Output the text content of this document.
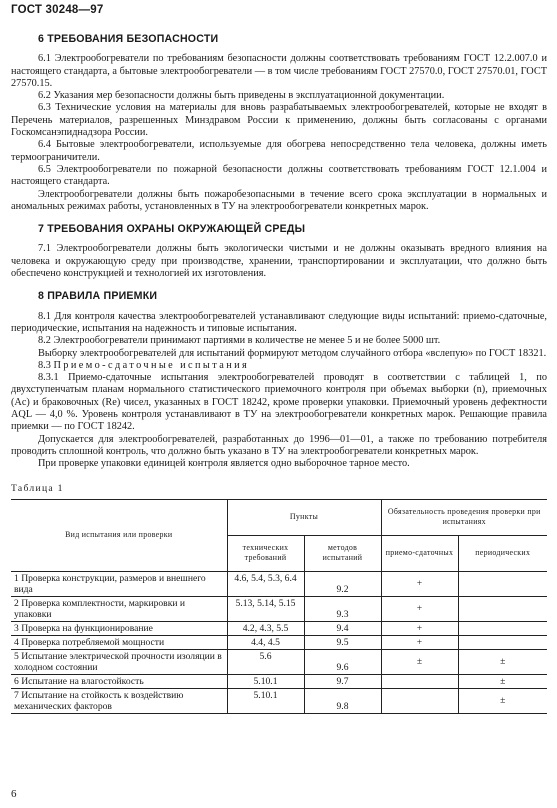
ГОСТ 30248—97
6 ТРЕБОВАНИЯ БЕЗОПАСНОСТИ

6.1 Электрообогреватели по требованиям безопасности должны соответствовать требованиям ГОСТ 12.2.007.0 и настоящего стандарта, а бытовые электрообогреватели — в том числе требованиям ГОСТ 27570.0, ГОСТ 27570.01, ГОСТ 27570.15.

6.2 Указания мер безопасности должны быть приведены в эксплуатационной документации.

6.3 Технические условия на материалы для вновь разрабатываемых электрообогревателей, которые не входят в Перечень материалов, разрешенных Минздравом России к применению, должны быть согласованы с органами Госкомсанэпиднадзора России.

6.4 Бытовые электрообогреватели, используемые для обогрева непосредственно тела человека, должны иметь термоограничители.

6.5 Электрообогреватели по пожарной безопасности должны соответствовать требованиям ГОСТ 12.1.004 и настоящего стандарта.

Электрообогреватели должны быть пожаробезопасными в течение всего срока эксплуатации в нормальных и аномальных режимах работы, установленных в ТУ на электрообогреватели конкретных марок.

7 ТРЕБОВАНИЯ ОХРАНЫ ОКРУЖАЮЩЕЙ СРЕДЫ

7.1 Электрообогреватели должны быть экологически чистыми и не должны оказывать вредного влияния на человека и окружающую среду при производстве, хранении, транспортировании и эксплуатации, что должно быть обеспечено конструкцией и технологией их изготовления.

8 ПРАВИЛА ПРИЕМКИ

8.1 Для контроля качества электрообогревателей устанавливают следующие виды испытаний: приемо-сдаточные, периодические, испытания на надежность и типовые испытания.

8.2 Электрообогреватели принимают партиями в количестве не менее 5 и не более 5000 шт.

Выборку электрообогревателей для испытаний формируют методом случайного отбора «вслепую» по ГОСТ 18321.

8.3 Приемо-сдаточные испытания

8.3.1 Приемо-сдаточные испытания электрообогревателей проводят в соответствии с таблицей 1, по двухступенчатым планам нормального статистического приемочного контроля при объемах выборки (n), приемочных (Ac) и браковочных (Re) чисел, указанных в ГОСТ 18242, кроме проверки упаковки. Приемочный уровень дефектности AQL — 4,0 %. Уровень контроля устанавливают в ТУ на электрообогреватели конкретных марок. Решающие правила приемки — по ГОСТ 18242.

Допускается для электрообогревателей, разработанных до 1996—01—01, а также по требованию потребителя проводить сплошной контроль, что должно быть указано в ТУ на электрообогреватели конкретных марок.

При проверке упаковки единицей контроля является одно выборочное тарное место.

Таблица 1
Вид испытания или проверки	Пункты		Обязательность проведения проверки при испытаниях	
	технических требований	методов испытаний	приемо-сдаточных	периодических
1 Проверка конструкции, размеров и внешнего вида	4.6, 5.4, 5.3, 6.4	9.2	+	
2 Проверка комплектности, маркировки и упаковки	5.13, 5.14, 5.15	9.3	+	
3 Проверка на функционирование	4.2, 4.3, 5.5	9.4	+	
4 Проверка потребляемой мощности	4.4, 4.5	9.5	+	
5 Испытание электрической прочности изоляции в холодном состоянии	5.6	9.6	±	±
6 Испытание на влагостойкость	5.10.1	9.7		±
7 Испытание на стойкость к воздействию механических факторов	5.10.1	9.8		±
6
